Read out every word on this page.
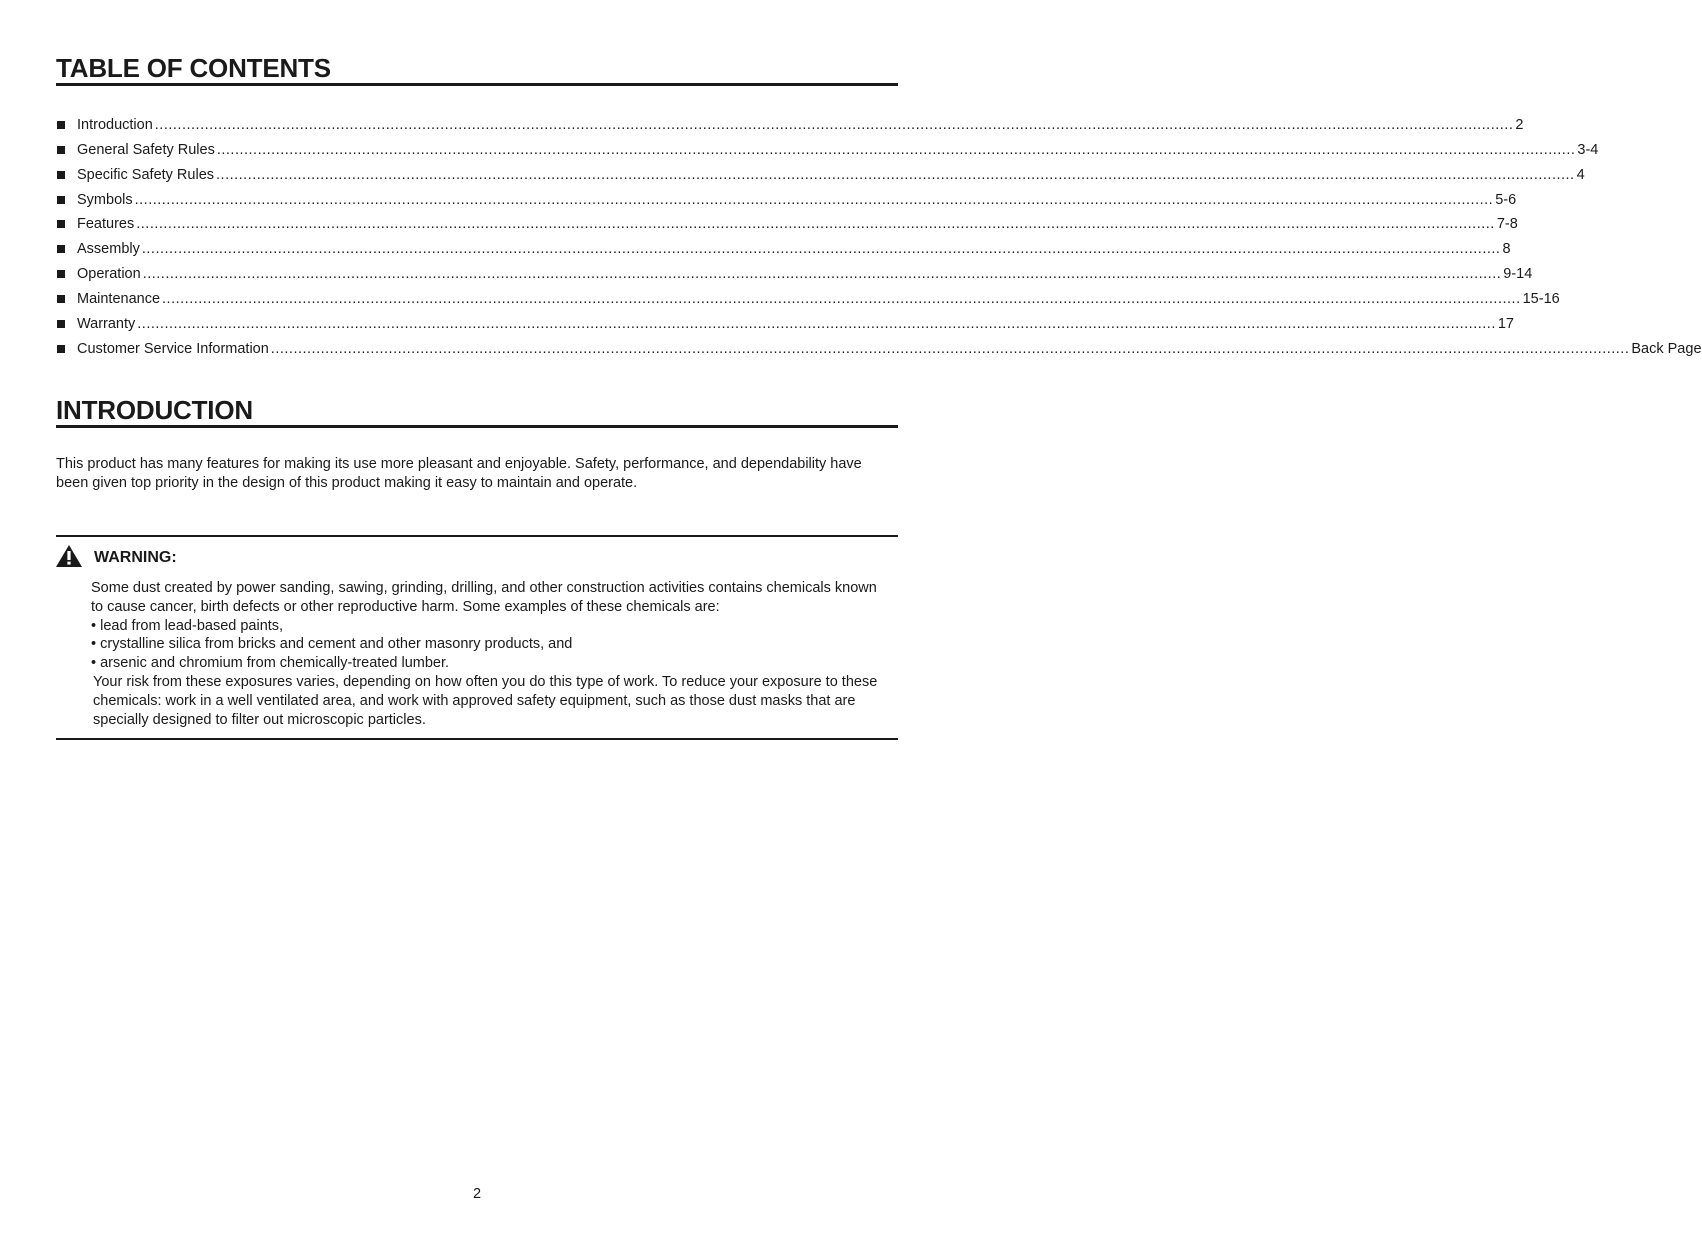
TABLE OF CONTENTS
Introduction ............................................................................................................................................................................................................................................................................................................ 2
General Safety Rules ............................................................................................................................................................................................................................................................................................................ 3-4
Specific Safety Rules ............................................................................................................................................................................................................................................................................................................ 4
Symbols ............................................................................................................................................................................................................................................................................................................ 5-6
Features ............................................................................................................................................................................................................................................................................................................ 7-8
Assembly ............................................................................................................................................................................................................................................................................................................ 8
Operation ............................................................................................................................................................................................................................................................................................................ 9-14
Maintenance ............................................................................................................................................................................................................................................................................................................ 15-16
Warranty ............................................................................................................................................................................................................................................................................................................ 17
Customer Service Information ............................................................................................................................................................................................................................................................................................................ Back Page
INTRODUCTION

This product has many features for making its use more pleasant and enjoyable. Safety, performance, and dependability have been given top priority in the design of this product making it easy to maintain and operate.

WARNING:

Some dust created by power sanding, sawing, grinding, drilling, and other construction activities contains chemicals known to cause cancer, birth defects or other reproductive harm. Some examples of these chemicals are:

• lead from lead-based paints,
• crystalline silica from bricks and cement and other masonry products, and
• arsenic and chromium from chemically-treated lumber.

Your risk from these exposures varies, depending on how often you do this type of work. To reduce your exposure to these chemicals: work in a well ventilated area, and work with approved safety equipment, such as those dust masks that are specially designed to filter out microscopic particles.

2
